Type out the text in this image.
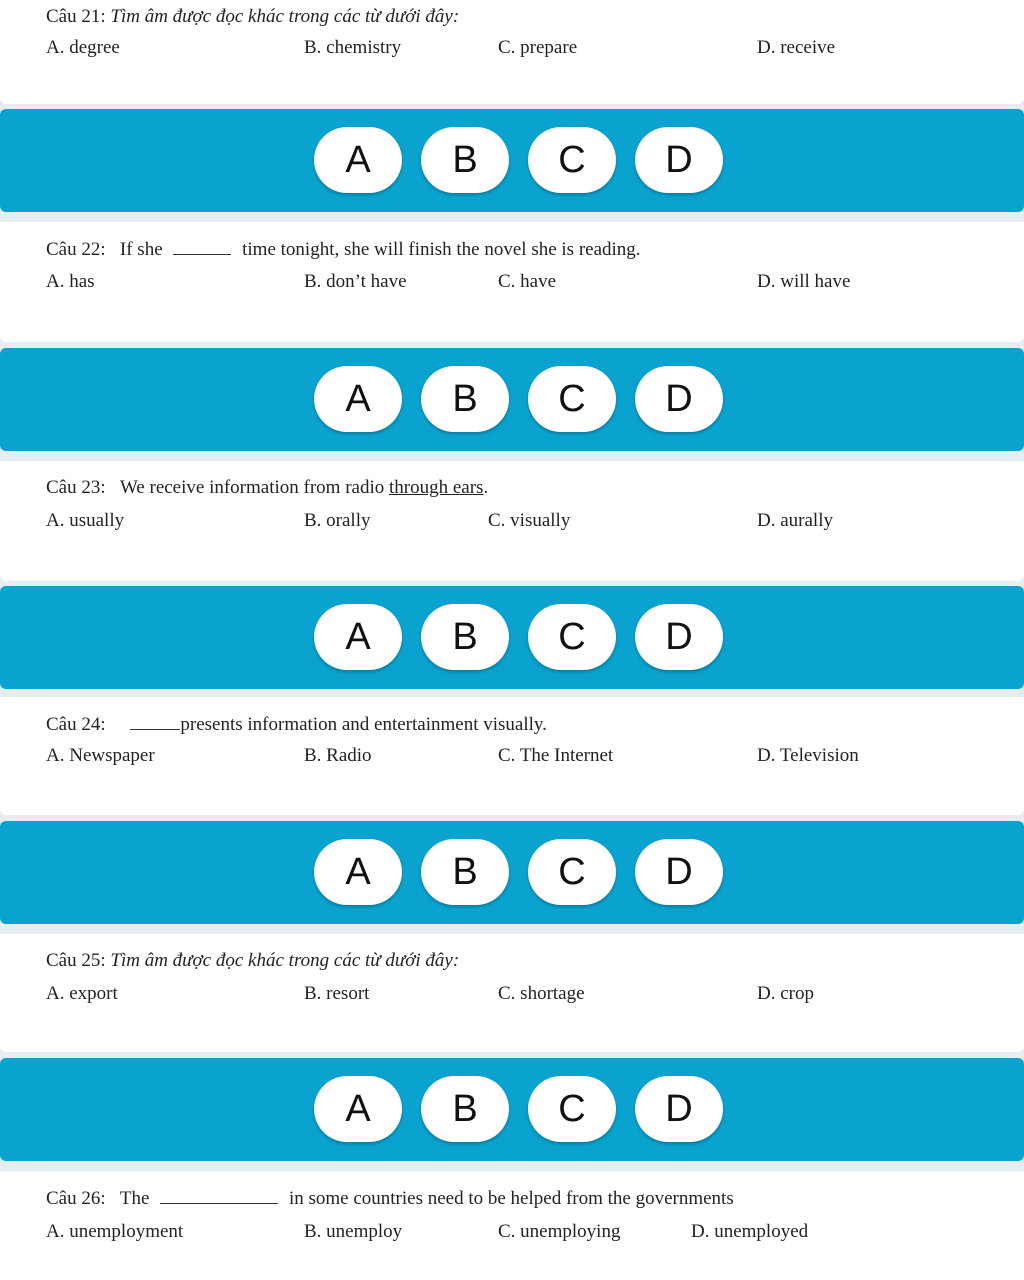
Câu 21: Tìm âm được đọc khác trong các từ dưới đây:
A. degree	B. chemistry	C. prepare	D. receive
A	B	C	D
Câu 22: If she	time tonight, she will finish the novel she is reading.
A. has	B. don’t have	C. have	D. will have
A	B	C	D
Câu 23: We receive information from radio through ears.
A. usually	B. orally	C. visually	D. aurally
A	B	C	D
Câu 24:	presents information and entertainment visually.
A. Newspaper	B. Radio	C. The Internet	D. Television
A	B	C	D
Câu 25: Tìm âm được đọc khác trong các từ dưới đây:
A. export	B. resort	C. shortage	D. crop
A	B	C	D
Câu 26: The	in some countries need to be helped from the governments
A. unemployment	B. unemploy	C. unemploying	D. unemployed
